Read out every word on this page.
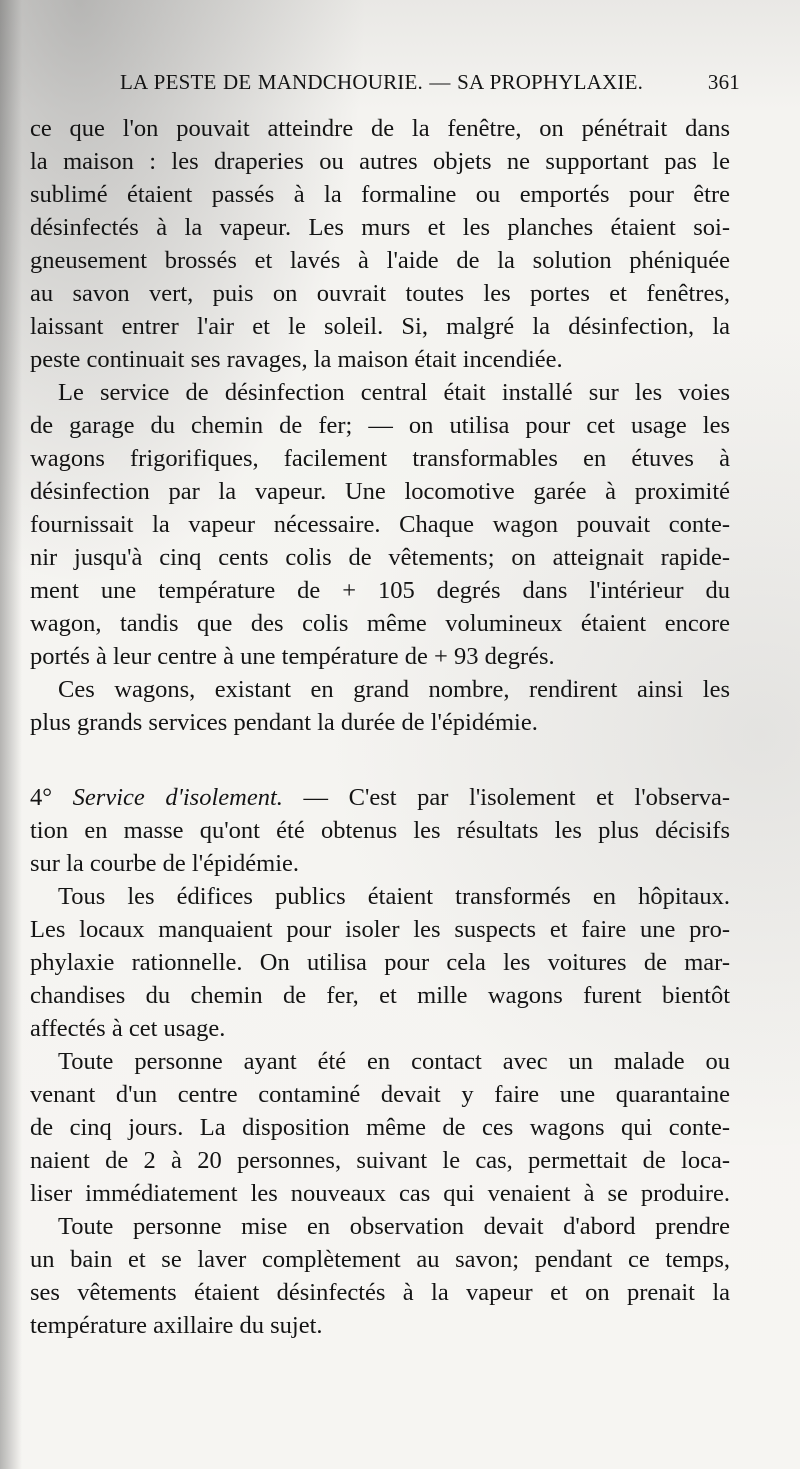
LA PESTE DE MANDCHOURIE. — SA PROPHYLAXIE.	361
ce que l'on pouvait atteindre de la fenêtre, on pénétrait dans
la maison : les draperies ou autres objets ne supportant pas le
sublimé étaient passés à la formaline ou emportés pour être
désinfectés à la vapeur. Les murs et les planches étaient soi-
gneusement brossés et lavés à l'aide de la solution phéniquée
au savon vert, puis on ouvrait toutes les portes et fenêtres,
laissant entrer l'air et le soleil. Si, malgré la désinfection, la
peste continuait ses ravages, la maison était incendiée.
Le service de désinfection central était installé sur les voies
de garage du chemin de fer; — on utilisa pour cet usage les
wagons frigorifiques, facilement transformables en étuves à
désinfection par la vapeur. Une locomotive garée à proximité
fournissait la vapeur nécessaire. Chaque wagon pouvait conte-
nir jusqu'à cinq cents colis de vêtements; on atteignait rapide-
ment une température de + 105 degrés dans l'intérieur du
wagon, tandis que des colis même volumineux étaient encore
portés à leur centre à une température de + 93 degrés.
Ces wagons, existant en grand nombre, rendirent ainsi les
plus grands services pendant la durée de l'épidémie.
4° Service d'isolement. — C'est par l'isolement et l'observa-
tion en masse qu'ont été obtenus les résultats les plus décisifs
sur la courbe de l'épidémie.
Tous les édifices publics étaient transformés en hôpitaux.
Les locaux manquaient pour isoler les suspects et faire une pro-
phylaxie rationnelle. On utilisa pour cela les voitures de mar-
chandises du chemin de fer, et mille wagons furent bientôt
affectés à cet usage.
Toute personne ayant été en contact avec un malade ou
venant d'un centre contaminé devait y faire une quarantaine
de cinq jours. La disposition même de ces wagons qui conte-
naient de 2 à 20 personnes, suivant le cas, permettait de loca-
liser immédiatement les nouveaux cas qui venaient à se produire.
Toute personne mise en observation devait d'abord prendre
un bain et se laver complètement au savon; pendant ce temps,
ses vêtements étaient désinfectés à la vapeur et on prenait la
température axillaire du sujet.
